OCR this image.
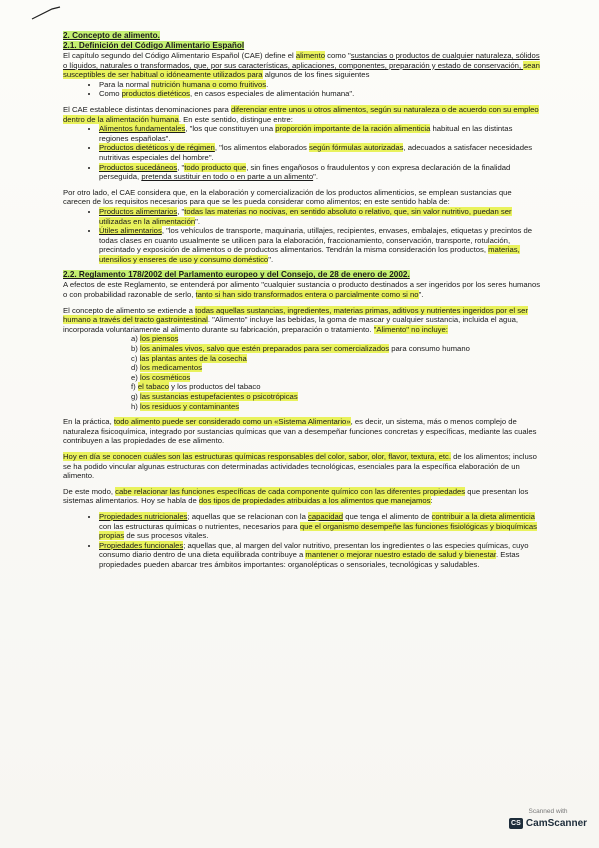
2. Concepto de alimento.

2.1. Definición del Código Alimentario Español

El capítulo segundo del Código Alimentario Español (CAE) define el alimento como "sustancias o productos de cualquier naturaleza, sólidos o líquidos, naturales o transformados, que, por sus características, aplicaciones, componentes, preparación y estado de conservación, sean susceptibles de ser habitual o idóneamente utilizados para algunos de los fines siguientes

• Para la normal nutrición humana o como fruitivos.
• Como productos dietéticos, en casos especiales de alimentación humana".

El CAE establece distintas denominaciones para diferenciar entre unos u otros alimentos, según su naturaleza o de acuerdo con su empleo dentro de la alimentación humana. En este sentido, distingue entre:

• Alimentos fundamentales, "los que constituyen una proporción importante de la ración alimenticia habitual en las distintas regiones españolas".
• Productos dietéticos y de régimen, "los alimentos elaborados según fórmulas autorizadas, adecuados a satisfacer necesidades nutritivas especiales del hombre".
• Productos sucedáneos, "todo producto que, sin fines engañosos o fraudulentos y con expresa declaración de la finalidad perseguida, pretenda sustituir en todo o en parte a un alimento".

Por otro lado, el CAE considera que, en la elaboración y comercialización de los productos alimenticios, se emplean sustancias que carecen de los requisitos necesarios para que se les pueda considerar como alimentos; en este sentido habla de:

• Productos alimentarios, "todas las materias no nocivas, en sentido absoluto o relativo, que, sin valor nutritivo, puedan ser utilizadas en la alimentación".
• Útiles alimentarios, "los vehículos de transporte, maquinaria, utillajes, recipientes, envases, embalajes, etiquetas y precintos de todas clases en cuanto usualmente se utilicen para la elaboración, fraccionamiento, conservación, transporte, rotulación, precintado y exposición de alimentos o de productos alimentarios. Tendrán la misma consideración los productos, materias, utensilios y enseres de uso y consumo doméstico".

2.2. Reglamento 178/2002 del Parlamento europeo y del Consejo, de 28 de enero de 2002.

A efectos de este Reglamento, se entenderá por alimento "cualquier sustancia o producto destinados a ser ingeridos por los seres humanos o con probabilidad razonable de serlo, tanto si han sido transformados entera o parcialmente como si no".

El concepto de alimento se extiende a todas aquellas sustancias, ingredientes, materias primas, aditivos y nutrientes ingeridos por el ser humano a través del tracto gastrointestinal. "Alimento" incluye las bebidas, la goma de mascar y cualquier sustancia, incluida el agua, incorporada voluntariamente al alimento durante su fabricación, preparación o tratamiento. "Alimento" no incluye:

a) los piensos
b) los animales vivos, salvo que estén preparados para ser comercializados para consumo humano
c) las plantas antes de la cosecha
d) los medicamentos
e) los cosméticos
f) el tabaco y los productos del tabaco
g) las sustancias estupefacientes o psicotrópicas
h) los residuos y contaminantes

En la práctica, todo alimento puede ser considerado como un «Sistema Alimentario», es decir, un sistema, más o menos complejo de naturaleza fisicoquímica, integrado por sustancias químicas que van a desempeñar funciones concretas y específicas, mediante las cuales contribuyen a las propiedades de ese alimento.

Hoy en día se conocen cuáles son las estructuras químicas responsables del color, sabor, olor, flavor, textura, etc. de los alimentos; incluso se ha podido vincular algunas estructuras con determinadas actividades tecnológicas, esenciales para la específica elaboración de un alimento.

De este modo, cabe relacionar las funciones específicas de cada componente químico con las diferentes propiedades que presentan los sistemas alimentarios. Hoy se habla de dos tipos de propiedades atribuidas a los alimentos que manejamos:

• Propiedades nutricionales; aquellas que se relacionan con la capacidad que tenga el alimento de contribuir a la dieta alimenticia con las estructuras químicas o nutrientes, necesarios para que el organismo desempeñe las funciones fisiológicas y bioquímicas propias de sus procesos vitales.
• Propiedades funcionales; aquellas que, al margen del valor nutritivo, presentan los ingredientes o las especies químicas, cuyo consumo diario dentro de una dieta equilibrada contribuye a mantener o mejorar nuestro estado de salud y bienestar. Estas propiedades pueden abarcar tres ámbitos importantes: organolépticas o sensoriales, tecnológicas y saludables.
Scanned with
CS CamScanner
